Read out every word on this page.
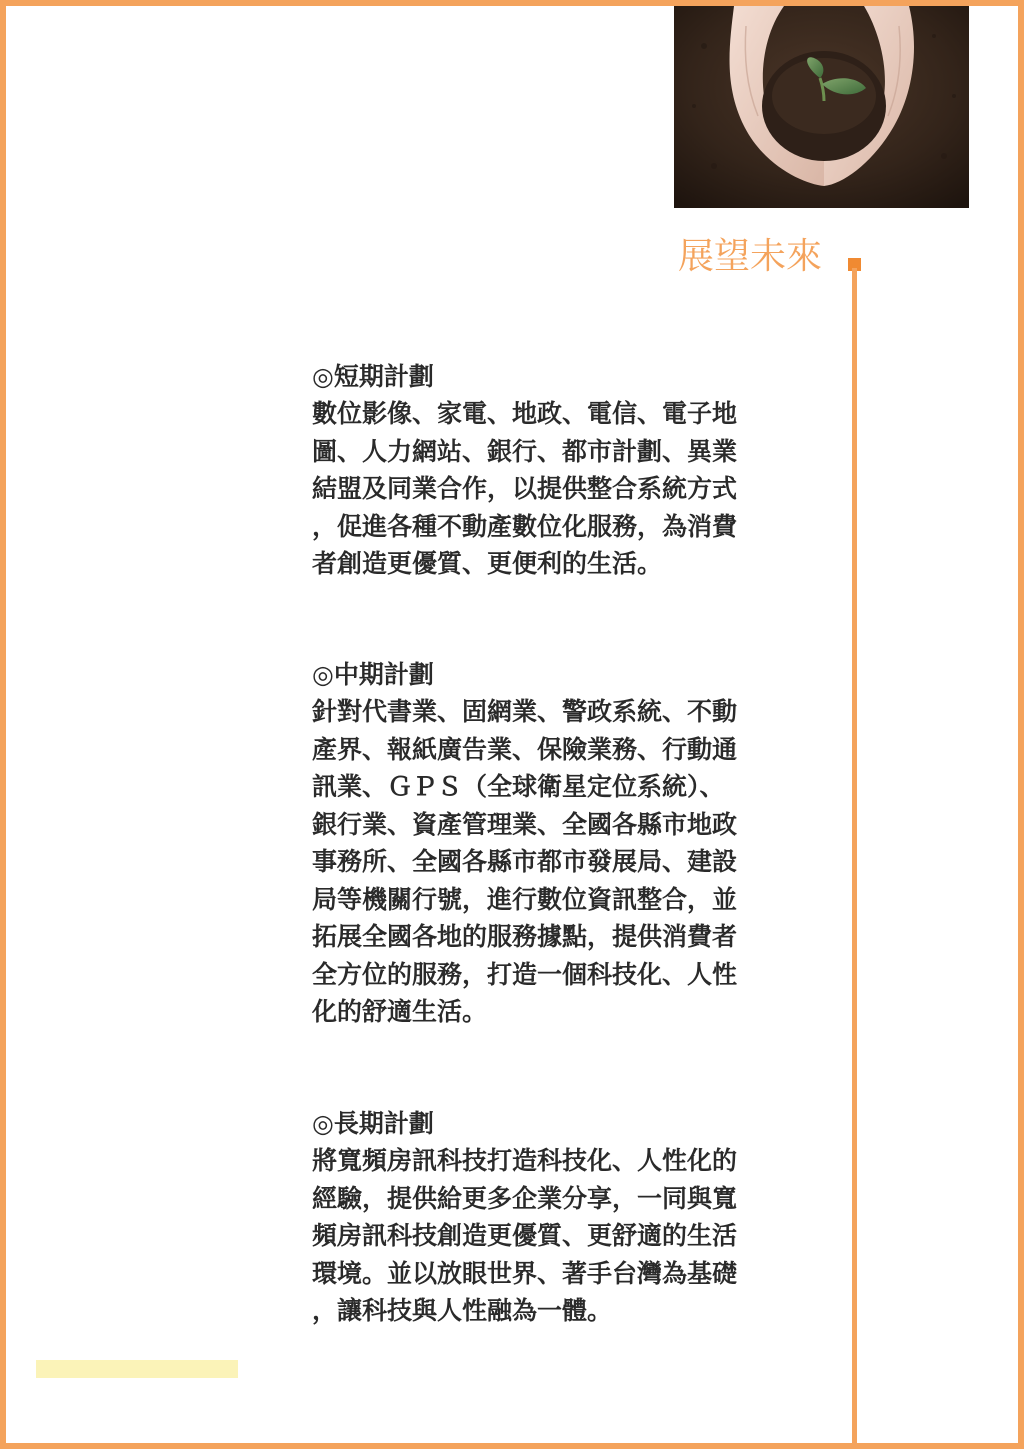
展望未來
◎短期計劃
數位影像、家電、地政、電信、電子地
圖、人力網站、銀行、都市計劃、異業
結盟及同業合作，以提供整合系統方式
，促進各種不動產數位化服務，為消費
者創造更優質、更便利的生活。
◎中期計劃
針對代書業、固網業、警政系統、不動
產界、報紙廣告業、保險業務、行動通
訊業、ＧＰＳ（全球衛星定位系統）、
銀行業、資產管理業、全國各縣市地政
事務所、全國各縣市都市發展局、建設
局等機關行號，進行數位資訊整合，並
拓展全國各地的服務據點，提供消費者
全方位的服務，打造一個科技化、人性
化的舒適生活。
◎長期計劃
將寬頻房訊科技打造科技化、人性化的
經驗，提供給更多企業分享，一同與寬
頻房訊科技創造更優質、更舒適的生活
環境。並以放眼世界、著手台灣為基礎
，讓科技與人性融為一體。
